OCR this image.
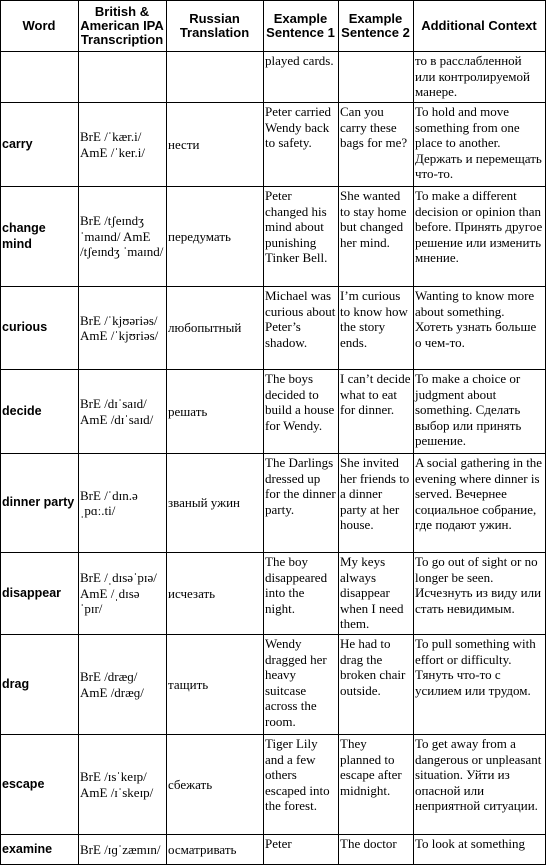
Word	British & American IPA Transcription	Russian Translation	Example Sentence 1	Example Sentence 2	Additional Context
			played cards.		то в расслабленной или контролируемой манере.
carry	BrE /ˈkær.i/ AmE /ˈker.i/	нести	Peter carried Wendy back to safety.	Can you carry these bags for me?	To hold and move something from one place to another. Держать и перемещать что-то.
change mind	BrE /tʃeɪndʒ ˈmaɪnd/ AmE /tʃeɪndʒ ˈmaɪnd/	передумать	Peter changed his mind about punishing Tinker Bell.	She wanted to stay home but changed her mind.	To make a different decision or opinion than before. Принять другое решение или изменить мнение.
curious	BrE /ˈkjʊəriəs/ AmE /ˈkjʊriəs/	любопытный	Michael was curious about Peter’s shadow.	I’m curious to know how the story ends.	Wanting to know more about something. Хотеть узнать больше о чем-то.
decide	BrE /dɪˈsaɪd/ AmE /dɪˈsaɪd/	решать	The boys decided to build a house for Wendy.	I can’t decide what to eat for dinner.	To make a choice or judgment about something. Сделать выбор или принять решение.
dinner party	BrE /ˈdɪn.ə ˌpɑː.ti/	званый ужин	The Darlings dressed up for the dinner party.	She invited her friends to a dinner party at her house.	A social gathering in the evening where dinner is served. Вечернее социальное собрание, где подают ужин.
disappear	BrE /ˌdɪsəˈpɪə/ AmE /ˌdɪsə ˈpɪr/	исчезать	The boy disappeared into the night.	My keys always disappear when I need them.	To go out of sight or no longer be seen. Исчезнуть из виду или стать невидимым.
drag	BrE /dræɡ/ AmE /dræɡ/	тащить	Wendy dragged her heavy suitcase across the room.	He had to drag the broken chair outside.	To pull something with effort or difficulty. Тянуть что-то с усилием или трудом.
escape	BrE /ɪsˈkeɪp/ AmE /ɪˈskeɪp/	сбежать	Tiger Lily and a few others escaped into the forest.	They planned to escape after midnight.	To get away from a dangerous or unpleasant situation. Уйти из опасной или неприятной ситуации.
examine	BrE /ɪɡˈzæmɪn/	осматривать	Peter	The doctor	To look at something
